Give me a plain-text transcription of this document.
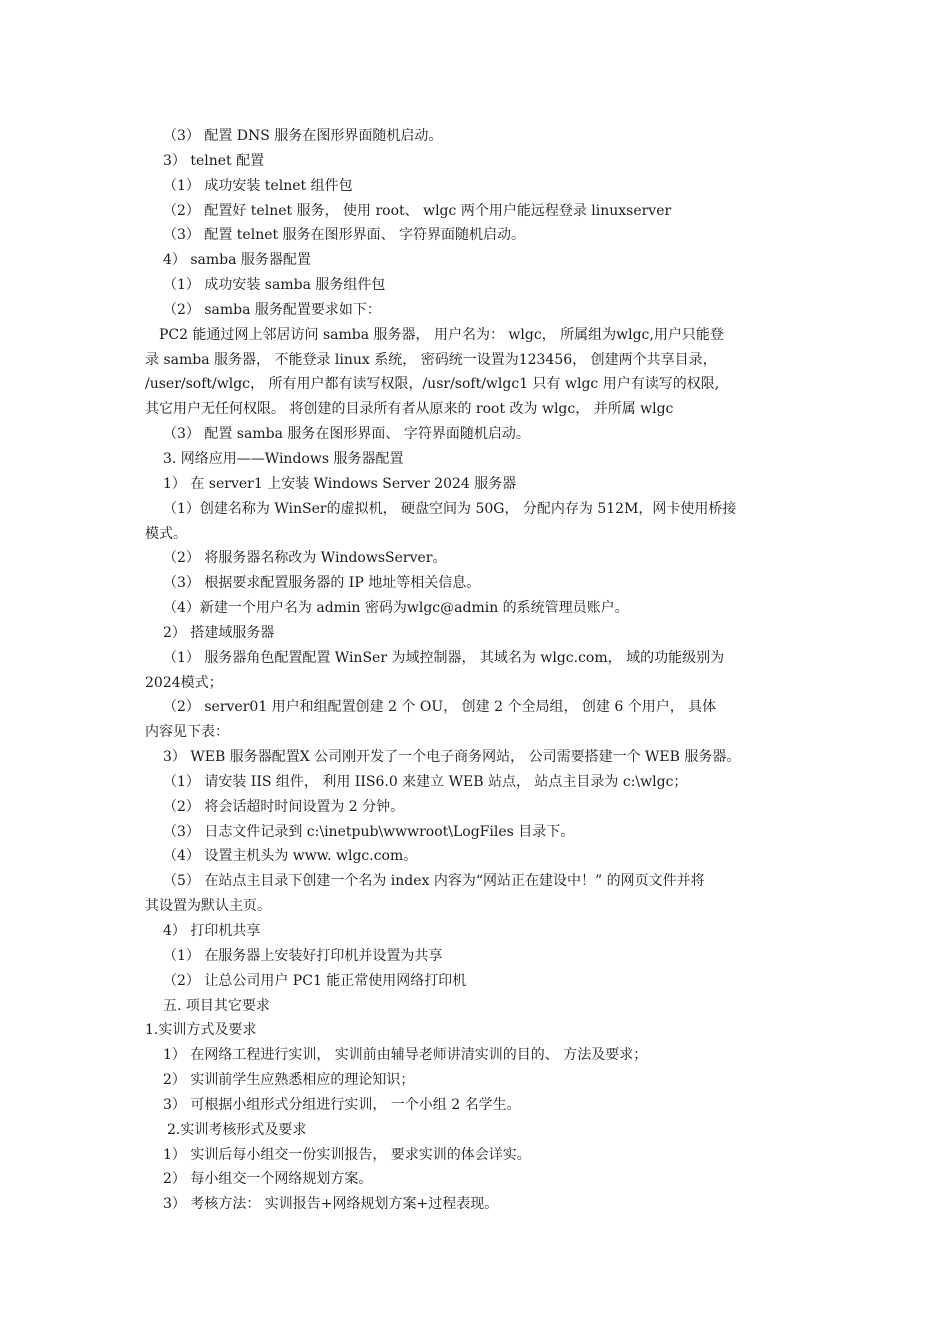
（3） 配置 DNS 服务在图形界面随机启动。
3） telnet 配置
（1） 成功安装 telnet 组件包
（2） 配置好 telnet 服务， 使用 root、 wlgc 两个用户能远程登录 linuxserver
（3） 配置 telnet 服务在图形界面、 字符界面随机启动。
4） samba 服务器配置
（1） 成功安装 samba 服务组件包
（2） samba 服务配置要求如下：
PC2 能通过网上邻居访问 samba 服务器， 用户名为： wlgc， 所属组为wlgc,用户只能登
录 samba 服务器， 不能登录 linux 系统， 密码统一设置为123456， 创建两个共享目录，
/user/soft/wlgc， 所有用户都有读写权限，/usr/soft/wlgc1 只有 wlgc 用户有读写的权限,
其它用户无任何权限。 将创建的目录所有者从原来的 root 改为 wlgc， 并所属 wlgc
（3） 配置 samba 服务在图形界面、 字符界面随机启动。
3. 网络应用——Windows 服务器配置
1） 在 server1 上安装 Windows Server 2024 服务器
（1）创建名称为 WinSer的虚拟机， 硬盘空间为 50G， 分配内存为 512M，网卡使用桥接
模式。
（2） 将服务器名称改为 WindowsServer。
（3） 根据要求配置服务器的 IP 地址等相关信息。
（4）新建一个用户名为 admin 密码为wlgc@admin 的系统管理员账户。
2） 搭建域服务器
（1） 服务器角色配置配置 WinSer 为域控制器， 其域名为 wlgc.com， 域的功能级别为
2024模式；
（2） server01 用户和组配置创建 2 个 OU， 创建 2 个全局组， 创建 6 个用户， 具体
内容见下表：
3） WEB 服务器配置X 公司刚开发了一个电子商务网站， 公司需要搭建一个 WEB 服务器。
（1） 请安装 IIS 组件， 利用 IIS6.0 来建立 WEB 站点， 站点主目录为 c:\wlgc；
（2） 将会话超时时间设置为 2 分钟。
（3） 日志文件记录到 c:\inetpub\wwwroot\LogFiles 目录下。
（4） 设置主机头为 www. wlgc.com。
（5） 在站点主目录下创建一个名为 index 内容为“网站正在建设中！” 的网页文件并将
其设置为默认主页。
4） 打印机共享
（1） 在服务器上安装好打印机并设置为共享
（2） 让总公司用户 PC1 能正常使用网络打印机
五. 项目其它要求
1.实训方式及要求
1） 在网络工程进行实训， 实训前由辅导老师讲清实训的目的、 方法及要求；
2） 实训前学生应熟悉相应的理论知识；
3） 可根据小组形式分组进行实训， 一个小组 2 名学生。
2.实训考核形式及要求
1） 实训后每小组交一份实训报告， 要求实训的体会详实。
2） 每小组交一个网络规划方案。
3） 考核方法： 实训报告+网络规划方案+过程表现。
